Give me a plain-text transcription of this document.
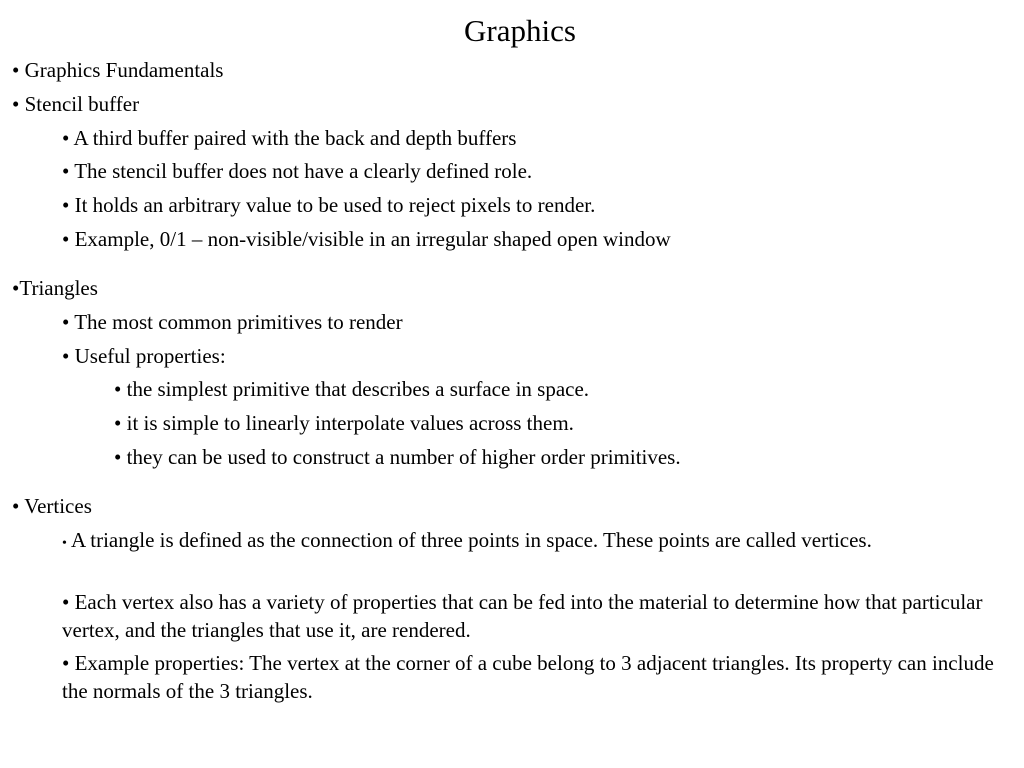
Graphics
• Graphics Fundamentals
• Stencil buffer
• A third buffer paired with the back and depth buffers
• The stencil buffer does not have a clearly defined role.
• It holds an arbitrary value to be used to reject pixels to render.
• Example, 0/1 – non-visible/visible in an irregular shaped open window
•Triangles
• The most common primitives to render
• Useful properties:
• the simplest primitive that describes a surface in space.
• it is simple to linearly interpolate values across them.
• they can be used to construct a number of higher order primitives.
• Vertices
• A triangle is defined as the connection of three points in space. These points are called vertices.
• Each vertex also has a variety of properties that can be fed into the material to determine how that particular vertex, and the triangles that use it, are rendered.
• Example properties: The vertex at the corner of a cube belong to 3 adjacent triangles. Its property can include the normals of the 3 triangles.
